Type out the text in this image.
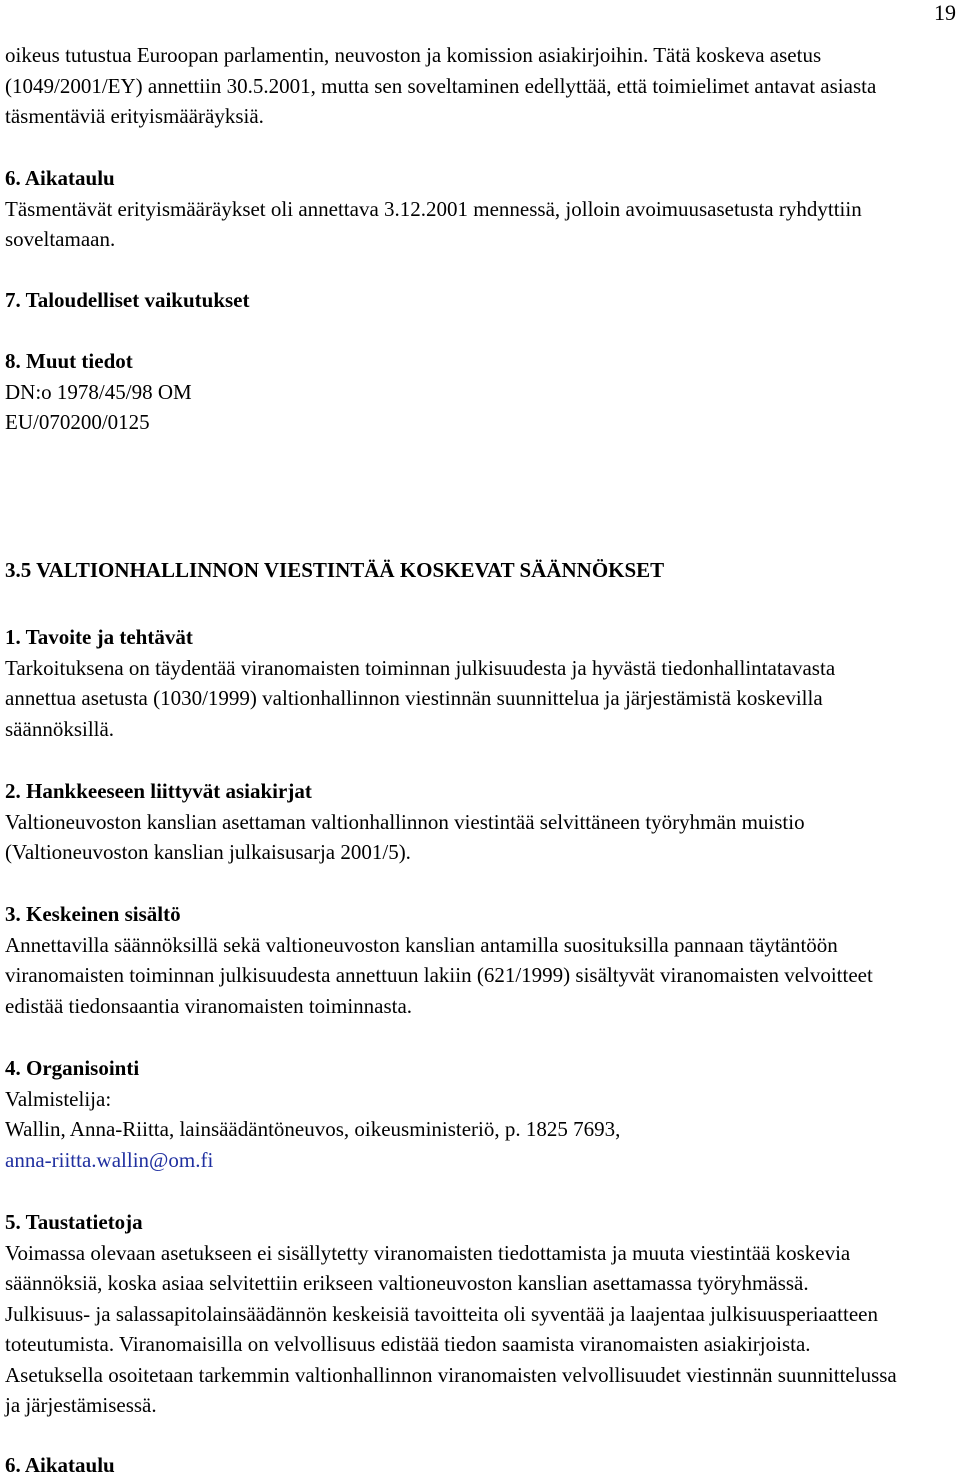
19
oikeus tutustua Euroopan parlamentin, neuvoston ja komission asiakirjoihin. Tätä koskeva asetus
(1049/2001/EY) annettiin 30.5.2001, mutta sen soveltaminen edellyttää, että toimielimet antavat asiasta
täsmentäviä erityismääräyksiä.
6. Aikataulu
Täsmentävät erityismääräykset oli annettava 3.12.2001 mennessä, jolloin avoimuusasetusta ryhdyttiin
soveltamaan.
7. Taloudelliset vaikutukset
8. Muut tiedot
DN:o 1978/45/98 OM
EU/070200/0125
3.5 VALTIONHALLINNON VIESTINTÄÄ KOSKEVAT SÄÄNNÖKSET
1. Tavoite ja tehtävät
Tarkoituksena on täydentää viranomaisten toiminnan julkisuudesta ja hyvästä tiedonhallintatavasta
annettua asetusta (1030/1999) valtionhallinnon viestinnän suunnittelua ja järjestämistä koskevilla
säännöksillä.
2. Hankkeeseen liittyvät asiakirjat
Valtioneuvoston kanslian asettaman valtionhallinnon viestintää selvittäneen työryhmän muistio
(Valtioneuvoston kanslian julkaisusarja 2001/5).
3. Keskeinen sisältö
Annettavilla säännöksillä sekä valtioneuvoston kanslian antamilla suosituksilla pannaan täytäntöön
viranomaisten toiminnan julkisuudesta annettuun lakiin (621/1999) sisältyvät viranomaisten velvoitteet
edistää tiedonsaantia viranomaisten toiminnasta.
4. Organisointi
Valmistelija:
Wallin, Anna-Riitta, lainsäädäntöneuvos, oikeusministeriö, p. 1825 7693,
anna-riitta.wallin@om.fi
5. Taustatietoja
Voimassa olevaan asetukseen ei sisällytetty viranomaisten tiedottamista ja muuta viestintää koskevia
säännöksiä, koska asiaa selvitettiin erikseen valtioneuvoston kanslian asettamassa työryhmässä.
Julkisuus- ja salassapitolainsäädännön keskeisiä tavoitteita oli syventää ja laajentaa julkisuusperiaatteen
toteutumista. Viranomaisilla on velvollisuus edistää tiedon saamista viranomaisten asiakirjoista.
Asetuksella osoitetaan tarkemmin valtionhallinnon viranomaisten velvollisuudet viestinnän suunnittelussa
ja järjestämisessä.
6. Aikataulu
